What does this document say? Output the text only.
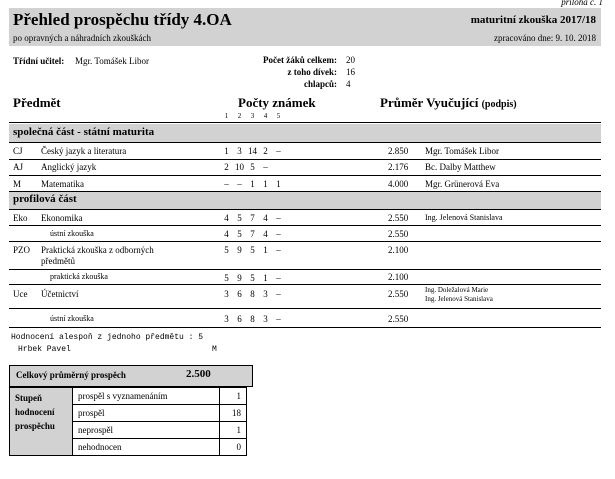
příloha č. 1
Přehled prospěchu třídy 4.OA
po opravných a náhradních zkouškách
maturitní zkouška 2017/18
zpracováno dne: 9. 10. 2018
Třídní učitel: Mgr. Tomášek Libor	Počet žáků celkem: 20
z toho dívek: 16
chlapců: 4
Předmět	Počty známek
1 2 3 4 5
Průměr Vyučující (podpis)
společná část - státní maturita
CJ Český jazyk a literatura	1 3 14 2 –	2.850 Mgr. Tomášek Libor
AJ Anglický jazyk	2 10 5 –	2.176 Bc. Dalby Matthew
M Matematika	– – 1 1 1	4.000 Mgr. Grünerová Eva
profilová část
Eko Ekonomika	4 5 7 4 –	2.550 Ing. Jelenová Stanislava
ústní zkouška	4 5 7 4 –	2.550
PZO Praktická zkouška z odborných
předmětů
5 9 5 1 –	2.100
praktická zkouška	5 9 5 1 –	2.100
Uce Účetnictví	3 6 8 3 –	2.550 Ing. Doležalová Marie
Ing. Jelenová Stanislava
ústní zkouška	3 6 8 3 –	2.550
Hodnocení alespoň z jednoho předmětu : 5
Hrbek Pavel	M
Celkový průměrný prospěch	2.500
Stupeň hodnocení prospěchu	prospěl s vyznamenáním	1
	prospěl	18
	neprospěl	1
	nehodnocen	0
